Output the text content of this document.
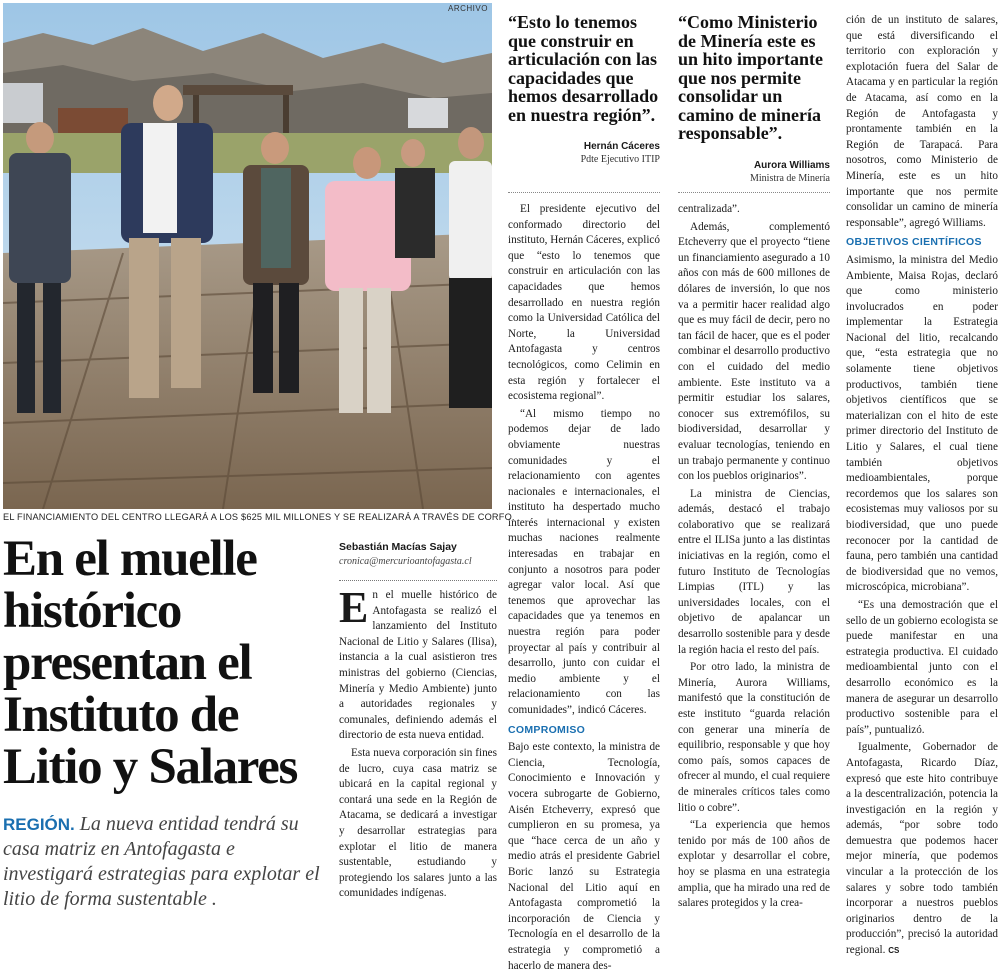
ARCHIVO
EL FINANCIAMIENTO DEL CENTRO LLEGARÁ A LOS $625 MIL MILLONES Y SE REALIZARÁ A TRAVÉS DE CORFO.
En el muelle histórico presentan el Instituto de Litio y Salares
REGIÓN. La nueva entidad tendrá su casa matriz en Antofagasta e investigará estrategias para explotar el litio de forma sustentable .
Sebastián Macías Sajay
cronica@mercurioantofagasta.cl

En el muelle histórico de Antofagasta se realizó el lanzamiento del Instituto Nacional de Litio y Salares (Ilisa), instancia a la cual asistieron tres ministras del gobierno (Ciencias, Minería y Medio Ambiente) junto a autoridades regionales y comunales, definiendo además el directorio de esta nueva entidad.

Esta nueva corporación sin fines de lucro, cuya casa matriz se ubicará en la capital regional y contará una sede en la Región de Atacama, se dedicará a investigar y desarrollar estrategias para explotar el litio de manera sustentable, estudiando y protegiendo los salares junto a las comunidades indígenas.

“Esto lo tenemos que construir en articulación con las capacidades que hemos desarrollado en nuestra región”.
Hernán Cáceres
Pdte Ejecutivo ITIP
“Como Ministerio de Minería este es un hito importante que nos permite consolidar un camino de minería responsable”.
Aurora Williams
Ministra de Minería

El presidente ejecutivo del conformado directorio del instituto, Hernán Cáceres, explicó que “esto lo tenemos que construir en articulación con las capacidades que hemos desarrollado en nuestra región como la Universidad Católica del Norte, la Universidad Antofagasta y centros tecnológicos, como Celimin en esta región y fortalecer el ecosistema regional”.

“Al mismo tiempo no podemos dejar de lado obviamente nuestras comunidades y el relacionamiento con agentes nacionales e internacionales, el instituto ha despertado mucho interés internacional y existen muchas naciones realmente interesadas en trabajar en conjunto a nosotros para poder agregar valor local. Así que tenemos que aprovechar las capacidades que ya tenemos en nuestra región para poder proyectar al país y contribuir al desarrollo, junto con cuidar el medio ambiente y el relacionamiento con las comunidades”, indicó Cáceres.

COMPROMISO

Bajo este contexto, la ministra de Ciencia, Tecnología, Conocimiento e Innovación y vocera subrogarte de Gobierno, Aisén Etcheverry, expresó que cumplieron en su promesa, ya que “hace cerca de un año y medio atrás el presidente Gabriel Boric lanzó su Estrategia Nacional del Litio aquí en Antofagasta comprometió la incorporación de Ciencia y Tecnología en el desarrollo de la estrategia y comprometió a hacerlo de manera des-

centralizada”.

Además, complementó Etcheverry que el proyecto “tiene un financiamiento asegurado a 10 años con más de 600 millones de dólares de inversión, lo que nos va a permitir hacer realidad algo que es muy fácil de decir, pero no tan fácil de hacer, que es el poder combinar el desarrollo productivo con el cuidado del medio ambiente. Este instituto va a permitir estudiar los salares, conocer sus extremófilos, su biodiversidad, desarrollar y evaluar tecnologías, teniendo en un trabajo permanente y continuo con los pueblos originarios”.

La ministra de Ciencias, además, destacó el trabajo colaborativo que se realizará entre el ILISa junto a las distintas iniciativas en la región, como el futuro Instituto de Tecnologías Limpias (ITL) y las universidades locales, con el objetivo de apalancar un desarrollo sostenible para y desde la región hacia el resto del país.

Por otro lado, la ministra de Minería, Aurora Williams, manifestó que la constitución de este instituto “guarda relación con generar una minería de equilibrio, responsable y que hoy como país, somos capaces de ofrecer al mundo, el cual requiere de minerales críticos tales como litio o cobre”.

“La experiencia que hemos tenido por más de 100 años de explotar y desarrollar el cobre, hoy se plasma en una estrategia amplia, que ha mirado una red de salares protegidos y la crea-

ción de un instituto de salares, que está diversificando el territorio con exploración y explotación fuera del Salar de Atacama y en particular la región de Atacama, así como en la Región de Antofagasta y prontamente también en la Región de Tarapacá. Para nosotros, como Ministerio de Minería, este es un hito importante que nos permite consolidar un camino de minería responsable”, agregó Williams.

OBJETIVOS CIENTÍFICOS

Asimismo, la ministra del Medio Ambiente, Maisa Rojas, declaró que como ministerio involucrados en poder implementar la Estrategia Nacional del litio, recalcando que, “esta estrategia que no solamente tiene objetivos productivos, también tiene objetivos científicos que se materializan con el hito de este primer directorio del Instituto de Litio y Salares, el cual tiene también objetivos medioambientales, porque recordemos que los salares son ecosistemas muy valiosos por su biodiversidad, que uno puede reconocer por la cantidad de fauna, pero también una cantidad de biodiversidad que no vemos, microscópica, microbiana”.

“Es una demostración que el sello de un gobierno ecologista se puede manifestar en una estrategia productiva. El cuidado medioambiental junto con el desarrollo económico es la manera de asegurar un desarrollo productivo sostenible para el país”, puntualizó.

Igualmente, Gobernador de Antofagasta, Ricardo Díaz, expresó que este hito contribuye a la descentralización, potencia la investigación en la región y además, “por sobre todo demuestra que podemos hacer mejor minería, que podemos vincular a la protección de los salares y sobre todo también incorporar a nuestros pueblos originarios dentro de la producción”, precisó la autoridad regional. CS
